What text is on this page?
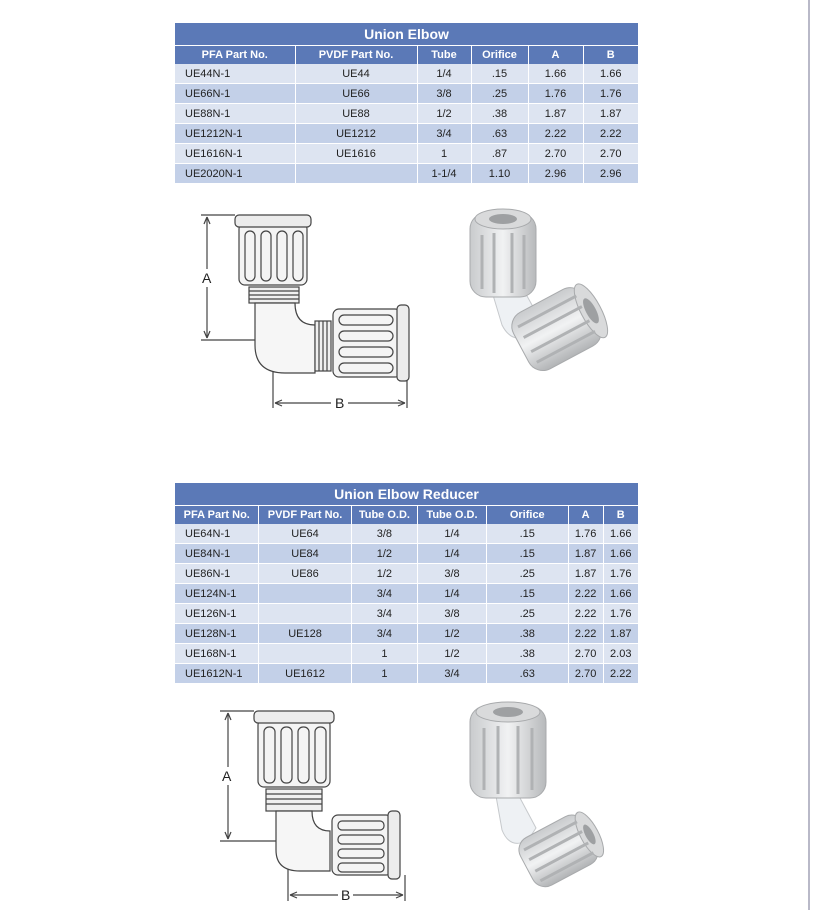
Union Elbow					
PFA Part No.	PVDF Part No.	Tube	Orifice	A	B
UE44N-1	UE44	1/4	.15	1.66	1.66
UE66N-1	UE66	3/8	.25	1.76	1.76
UE88N-1	UE88	1/2	.38	1.87	1.87
UE1212N-1	UE1212	3/4	.63	2.22	2.22
UE1616N-1	UE1616	1	.87	2.70	2.70
UE2020N-1		1-1/4	1.10	2.96	2.96
A
B
Union Elbow Reducer						
PFA Part No.	PVDF Part No.	Tube O.D.	Tube O.D.	Orifice	A	B
UE64N-1	UE64	3/8	1/4	.15	1.76	1.66
UE84N-1	UE84	1/2	1/4	.15	1.87	1.66
UE86N-1	UE86	1/2	3/8	.25	1.87	1.76
UE124N-1		3/4	1/4	.15	2.22	1.66
UE126N-1		3/4	3/8	.25	2.22	1.76
UE128N-1	UE128	3/4	1/2	.38	2.22	1.87
UE168N-1		1	1/2	.38	2.70	2.03
UE1612N-1	UE1612	1	3/4	.63	2.70	2.22
A
B
